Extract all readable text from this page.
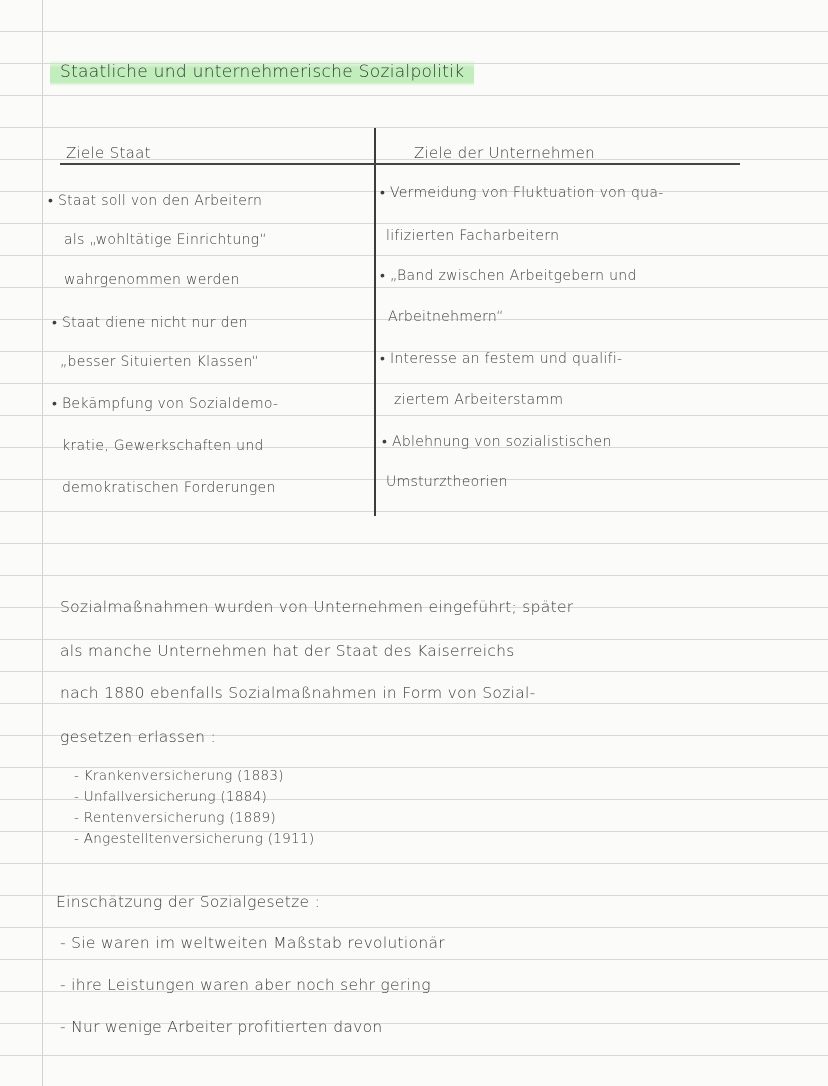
Staatliche und unternehmerische Sozialpolitik
Ziele Staat	Ziele der Unternehmen
• Staat soll von den Arbeitern
als „wohltätige Einrichtung“
wahrgenommen werden
• Staat diene nicht nur den
„besser Situierten Klassen“
• Bekämpfung von Sozialdemo-
kratie, Gewerkschaften und
demokratischen Forderungen
• Vermeidung von Fluktuation von qua-
lifizierten Facharbeitern
• „Band zwischen Arbeitgebern und
Arbeitnehmern“
• Interesse an festem und qualifi-
ziertem Arbeiterstamm
• Ablehnung von sozialistischen
Umsturztheorien
Sozialmaßnahmen wurden von Unternehmen eingeführt; später
als manche Unternehmen hat der Staat des Kaiserreichs
nach 1880 ebenfalls Sozialmaßnahmen in Form von Sozial-
gesetzen erlassen :
- Krankenversicherung (1883)
- Unfallversicherung (1884)
- Rentenversicherung (1889)
- Angestelltenversicherung (1911)
Einschätzung der Sozialgesetze :
- Sie waren im weltweiten Maßstab revolutionär
- ihre Leistungen waren aber noch sehr gering
- Nur wenige Arbeiter profitierten davon
